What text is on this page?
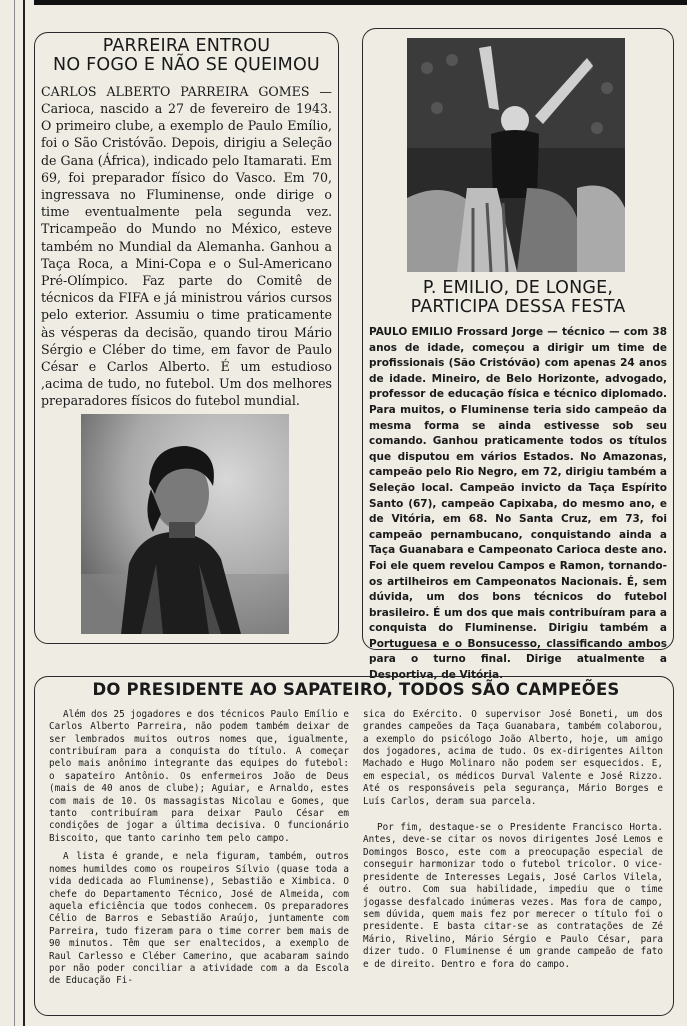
PARREIRA ENTROU
NO FOGO E NÃO SE QUEIMOU

CARLOS ALBERTO PARREIRA GOMES — Carioca, nascido a 27 de fevereiro de 1943. O primeiro clube, a exemplo de Paulo Emílio, foi o São Cristóvão. Depois, dirigiu a Seleção de Gana (África), indicado pelo Itamarati. Em 69, foi preparador físico do Vasco. Em 70, ingressava no Fluminense, onde dirige o time eventualmente pela segunda vez. Tricampeão do Mundo no México, esteve também no Mundial da Alemanha. Ganhou a Taça Roca, a Mini-Copa e o Sul-Americano Pré-Olímpico. Faz parte do Comitê de técnicos da FIFA e já ministrou vários cursos pelo exterior. Assumiu o time praticamente às vésperas da decisão, quando tirou Mário Sérgio e Cléber do time, em favor de Paulo César e Carlos Alberto. É um estudioso ,acima de tudo, no futebol. Um dos melhores preparadores físicos do futebol mundial.

P. EMILIO, DE LONGE,
PARTICIPA DESSA FESTA

PAULO EMILIO Frossard Jorge — técnico — com 38 anos de idade, começou a dirigir um time de profissionais (São Cristóvão) com apenas 24 anos de idade. Mineiro, de Belo Horizonte, advogado, professor de educação física e técnico diplomado. Para muitos, o Fluminense teria sido campeão da mesma forma se ainda estivesse sob seu comando. Ganhou praticamente todos os títulos que disputou em vários Estados. No Amazonas, campeão pelo Rio Negro, em 72, dirigiu também a Seleção local. Campeão invicto da Taça Espírito Santo (67), campeão Capixaba, do mesmo ano, e de Vitória, em 68. No Santa Cruz, em 73, foi campeão pernambucano, conquistando ainda a Taça Guanabara e Campeonato Carioca deste ano. Foi ele quem revelou Campos e Ramon, tornando-os artilheiros em Campeonatos Nacionais. É, sem dúvida, um dos bons técnicos do futebol brasileiro. É um dos que mais contribuíram para a conquista do Fluminense. Dirigiu também a Portuguesa e o Bonsucesso, classificando ambos para o turno final. Dirige atualmente a Desportiva, de Vitória.

DO PRESIDENTE AO SAPATEIRO, TODOS SÃO CAMPEÕES

Além dos 25 jogadores e dos técnicos Paulo Emílio e Carlos Alberto Parreira, não podem também deixar de ser lembrados muitos outros nomes que, igualmente, contribuíram para a conquista do título. A começar pelo mais anônimo integrante das equipes do futebol: o sapateiro Antônio. Os enfermeiros João de Deus (mais de 40 anos de clube); Aguiar, e Arnaldo, estes com mais de 10. Os massagistas Nicolau e Gomes, que tanto contribuíram para deixar Paulo César em condições de jogar a última decisiva. O funcionário Biscoito, que tanto carinho tem pelo campo.

A lista é grande, e nela figuram, também, outros nomes humildes como os roupeiros Sílvio (quase toda a vida dedicada ao Fluminense), Sebastião e Ximbica. O chefe do Departamento Técnico, José de Almeida, com aquela eficiência que todos conhecem. Os preparadores Célio de Barros e Sebastião Araújo, juntamente com Parreira, tudo fizeram para o time correr bem mais de 90 minutos. Têm que ser enaltecidos, a exemplo de Raul Carlesso e Cléber Camerino, que acabaram saindo por não poder conciliar a atividade com a da Escola de Educação Fi-

sica do Exército. O supervisor José Boneti, um dos grandes campeões da Taça Guanabara, também colaborou, a exemplo do psicólogo João Alberto, hoje, um amigo dos jogadores, acima de tudo. Os ex-dirigentes Ailton Machado e Hugo Molinaro não podem ser esquecidos. E, em especial, os médicos Durval Valente e José Rizzo. Até os responsáveis pela segurança, Mário Borges e Luís Carlos, deram sua parcela.

Por fim, destaque-se o Presidente Francisco Horta. Antes, deve-se citar os novos dirigentes José Lemos e Domingos Bosco, este com a preocupação especial de conseguir harmonizar todo o futebol tricolor. O vice-presidente de Interesses Legais, José Carlos Vilela, é outro. Com sua habilidade, impediu que o time jogasse desfalcado inúmeras vezes. Mas fora de campo, sem dúvida, quem mais fez por merecer o título foi o presidente. E basta citar-se as contratações de Zé Mário, Rivelino, Mário Sérgio e Paulo César, para dizer tudo. O Fluminense é um grande campeão de fato e de direito. Dentro e fora do campo.
